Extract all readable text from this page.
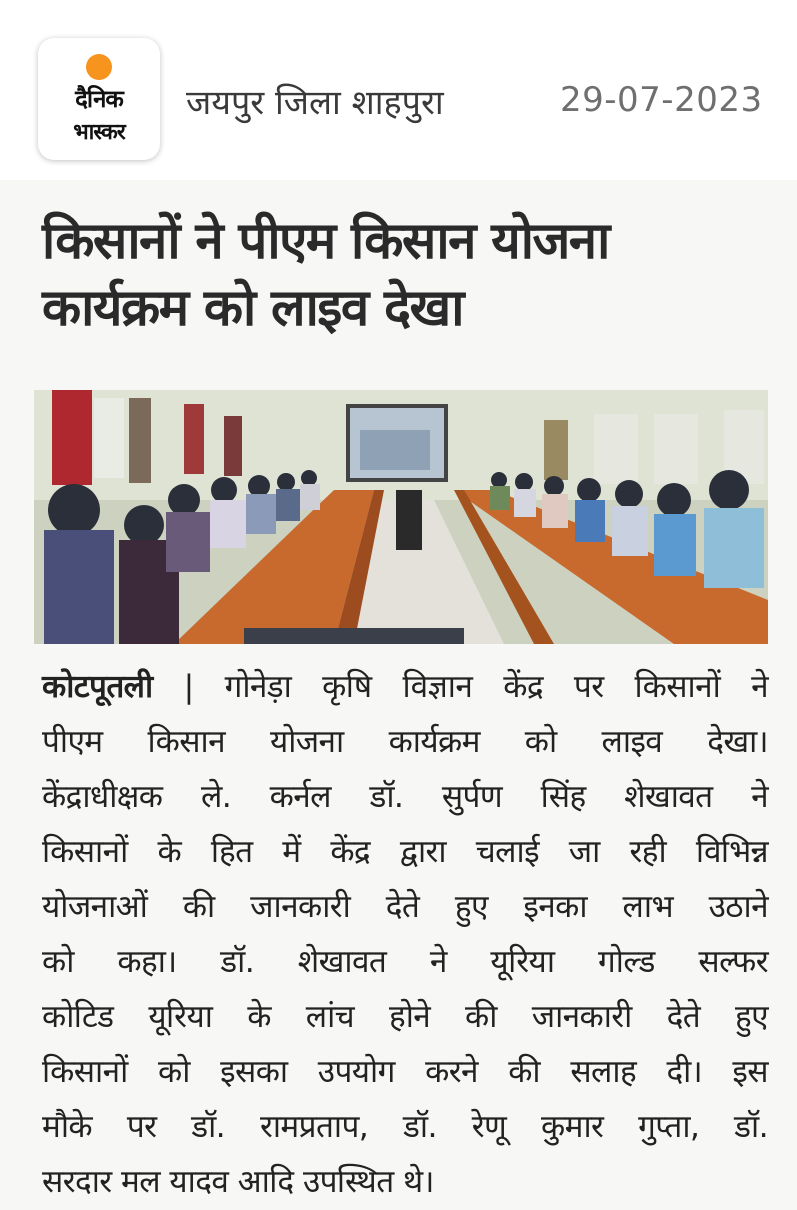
दैनिक
भास्कर
जयपुर जिला शाहपुरा	29-07-2023
किसानों ने पीएम किसान योजना
कार्यक्रम को लाइव देखा
कोटपूतली | गोनेड़ा कृषि विज्ञान केंद्र पर किसानों ने
पीएम किसान योजना कार्यक्रम को लाइव देखा।
केंद्राधीक्षक ले. कर्नल डॉ. सुर्पण सिंह शेखावत ने
किसानों के हित में केंद्र द्वारा चलाई जा रही विभिन्न
योजनाओं की जानकारी देते हुए इनका लाभ उठाने
को कहा। डॉ. शेखावत ने यूरिया गोल्ड सल्फर
कोटिड यूरिया के लांच होने की जानकारी देते हुए
किसानों को इसका उपयोग करने की सलाह दी। इस
मौके पर डॉ. रामप्रताप, डॉ. रेणू कुमार गुप्ता, डॉ.
सरदार मल यादव आदि उपस्थित थे।
